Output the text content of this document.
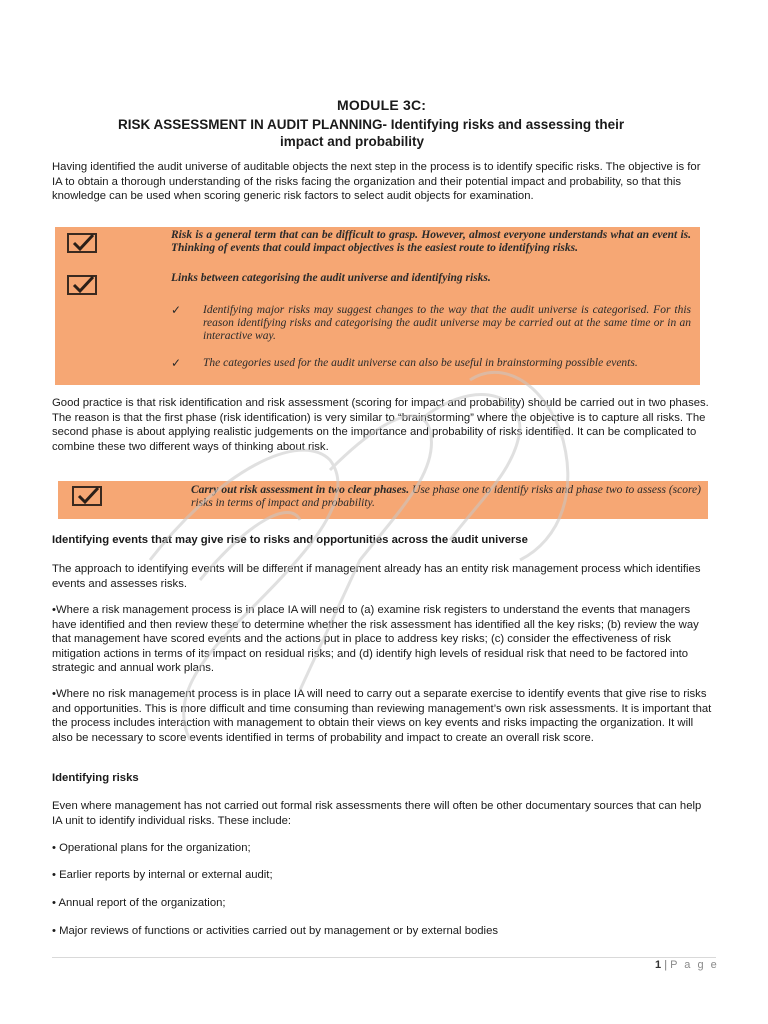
MODULE 3C:
RISK ASSESSMENT IN AUDIT PLANNING- Identifying risks and assessing their
impact and probability

Having identified the audit universe of auditable objects the next step in the process is to identify specific risks. The objective is for IA to obtain a thorough understanding of the risks facing the organization and their potential impact and probability, so that this knowledge can be used when scoring generic risk factors to select audit objects for examination.

Risk is a general term that can be difficult to grasp. However, almost everyone understands what an event is. Thinking of events that could impact objectives is the easiest route to identifying risks.
Links between categorising the audit universe and identifying risks.
✓ Identifying major risks may suggest changes to the way that the audit universe is categorised. For this reason identifying risks and categorising the audit universe may be carried out at the same time or in an interactive way.
✓ The categories used for the audit universe can also be useful in brainstorming possible events.

Good practice is that risk identification and risk assessment (scoring for impact and probability) should be carried out in two phases. The reason is that the first phase (risk identification) is very similar to “brainstorming” where the objective is to capture all risks. The second phase is about applying realistic judgements on the importance and probability of risks identified. It can be complicated to combine these two different ways of thinking about risk.

Carry out risk assessment in two clear phases. Use phase one to identify risks and phase two to assess (score) risks in terms of impact and probability.

Identifying events that may give rise to risks and opportunities across the audit universe

The approach to identifying events will be different if management already has an entity risk management process which identifies events and assesses risks.

•Where a risk management process is in place IA will need to (a) examine risk registers to understand the events that managers have identified and then review these to determine whether the risk assessment has identified all the key risks; (b) review the way that management have scored events and the actions put in place to address key risks; (c) consider the effectiveness of risk mitigation actions in terms of its impact on residual risks; and (d) identify high levels of residual risk that need to be factored into strategic and annual work plans.

•Where no risk management process is in place IA will need to carry out a separate exercise to identify events that give rise to risks and opportunities. This is more difficult and time consuming than reviewing management’s own risk assessments. It is important that the process includes interaction with management to obtain their views on key events and risks impacting the organization. It will also be necessary to score events identified in terms of probability and impact to create an overall risk score.

Identifying risks

Even where management has not carried out formal risk assessments there will often be other documentary sources that can help IA unit to identify individual risks. These include:

• Operational plans for the organization;

• Earlier reports by internal or external audit;

• Annual report of the organization;

• Major reviews of functions or activities carried out by management or by external bodies

1 | P a g e
